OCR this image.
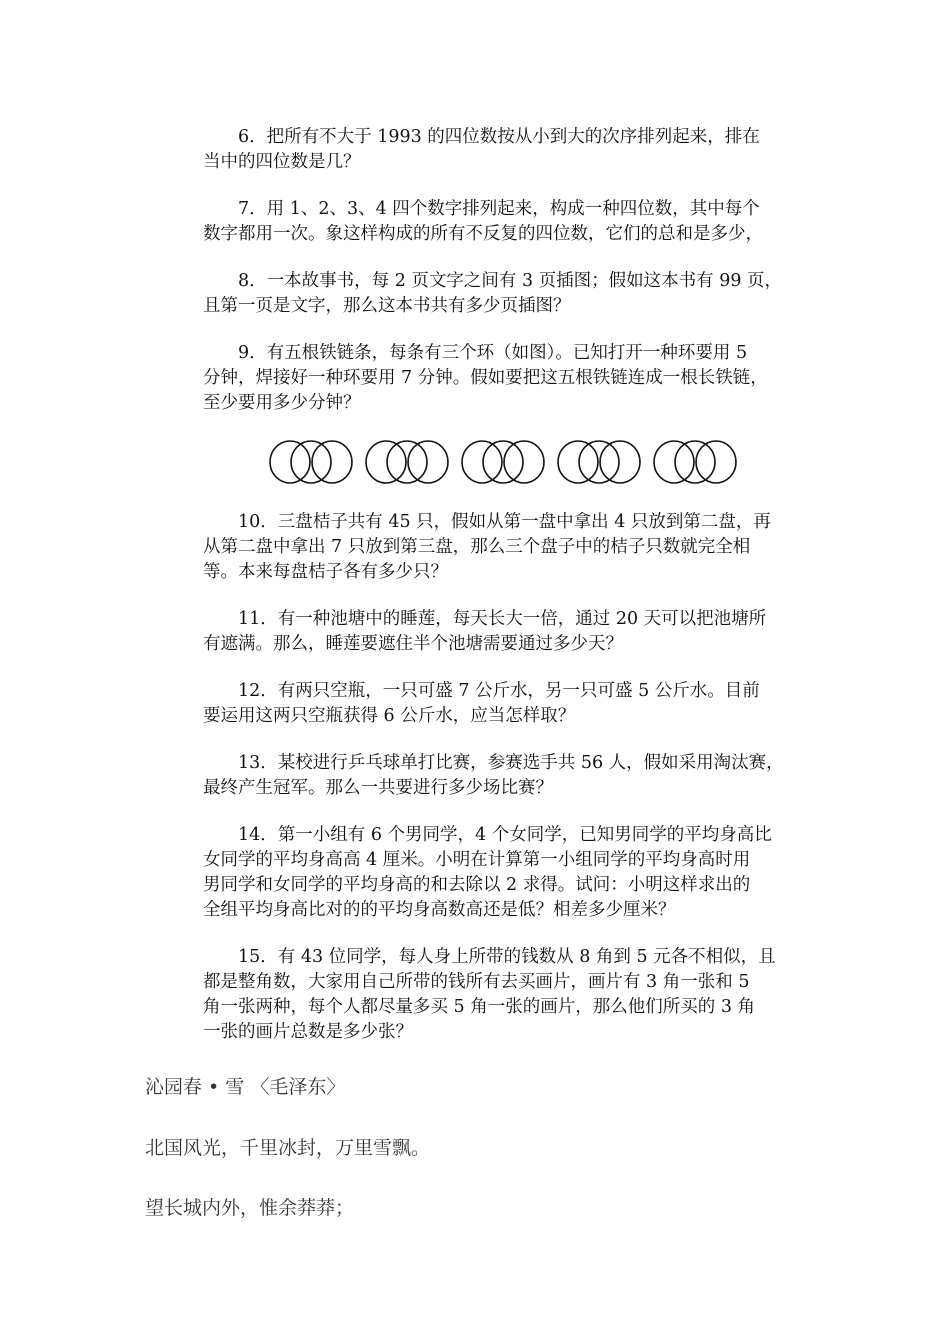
6．把所有不大于 1993 的四位数按从小到大的次序排列起来，排在

当中的四位数是几？

7．用 1、2、3、4 四个数字排列起来，构成一种四位数，其中每个

数字都用一次。象这样构成的所有不反复的四位数，它们的总和是多少，

8．一本故事书，每 2 页文字之间有 3 页插图；假如这本书有 99 页，

且第一页是文字，那么这本书共有多少页插图？

9．有五根铁链条，每条有三个环（如图）。已知打开一种环要用 5

分钟，焊接好一种环要用 7 分钟。假如要把这五根铁链连成一根长铁链，

至少要用多少分钟？

10．三盘桔子共有 45 只，假如从第一盘中拿出 4 只放到第二盘，再

从第二盘中拿出 7 只放到第三盘，那么三个盘子中的桔子只数就完全相

等。本来每盘桔子各有多少只？

11．有一种池塘中的睡莲，每天长大一倍，通过 20 天可以把池塘所

有遮满。那么，睡莲要遮住半个池塘需要通过多少天？

12．有两只空瓶，一只可盛 7 公斤水，另一只可盛 5 公斤水。目前

要运用这两只空瓶获得 6 公斤水，应当怎样取？

13．某校进行乒乓球单打比赛，参赛选手共 56 人，假如采用淘汰赛，

最终产生冠军。那么一共要进行多少场比赛？

14．第一小组有 6 个男同学，4 个女同学，已知男同学的平均身高比

女同学的平均身高高 4 厘米。小明在计算第一小组同学的平均身高时用

男同学和女同学的平均身高的和去除以 2 求得。试问：小明这样求出的

全组平均身高比对的的平均身高数高还是低？相差多少厘米？

15．有 43 位同学，每人身上所带的钱数从 8 角到 5 元各不相似，且

都是整角数，大家用自己所带的钱所有去买画片，画片有 3 角一张和 5

角一张两种，每个人都尽量多买 5 角一张的画片，那么他们所买的 3 角

一张的画片总数是多少张？

沁园春 • 雪 〈毛泽东〉
北国风光，千里冰封，万里雪飘。
望长城内外，惟余莽莽；
